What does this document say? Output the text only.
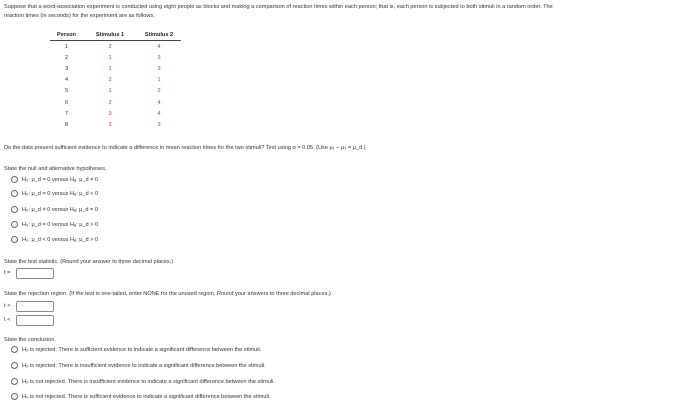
Suppose that a word-association experiment is conducted using eight people as blocks and making a comparison of reaction times within each person; that is, each person is subjected to both stimuli in a random order. The
reaction times (in seconds) for the experiment are as follows.
Person	Stimulus 1	Stimulus 2
1	2	4
2	1	3
3	1	3
4	2	1
5	1	2
6	2	4
7	3	4
8	2	3
Do the data present sufficient evidence to indicate a difference in mean reaction times for the two stimuli? Test using α = 0.05. (Use μ₁ − μ₂ = μ_d.)
State the null and alternative hypotheses.
H₀: μ_d = 0 versus Hₐ: μ_d ≠ 0
H₀: μ_d = 0 versus Hₐ: μ_d < 0
H₀: μ_d ≠ 0 versus Hₐ: μ_d = 0
H₀: μ_d = 0 versus Hₐ: μ_d > 0
H₀: μ_d < 0 versus Hₐ: μ_d > 0
State the test statistic. (Round your answer to three decimal places.)
t =
State the rejection region. (If the test is one-tailed, enter NONE for the unused region. Round your answers to three decimal places.)
t >
t <
State the conclusion.
H₀ is rejected. There is sufficient evidence to indicate a significant difference between the stimuli.
H₀ is rejected. There is insufficient evidence to indicate a significant difference between the stimuli.
H₀ is not rejected. There is insufficient evidence to indicate a significant difference between the stimuli.
H₀ is not rejected. There is sufficient evidence to indicate a significant difference between the stimuli.
